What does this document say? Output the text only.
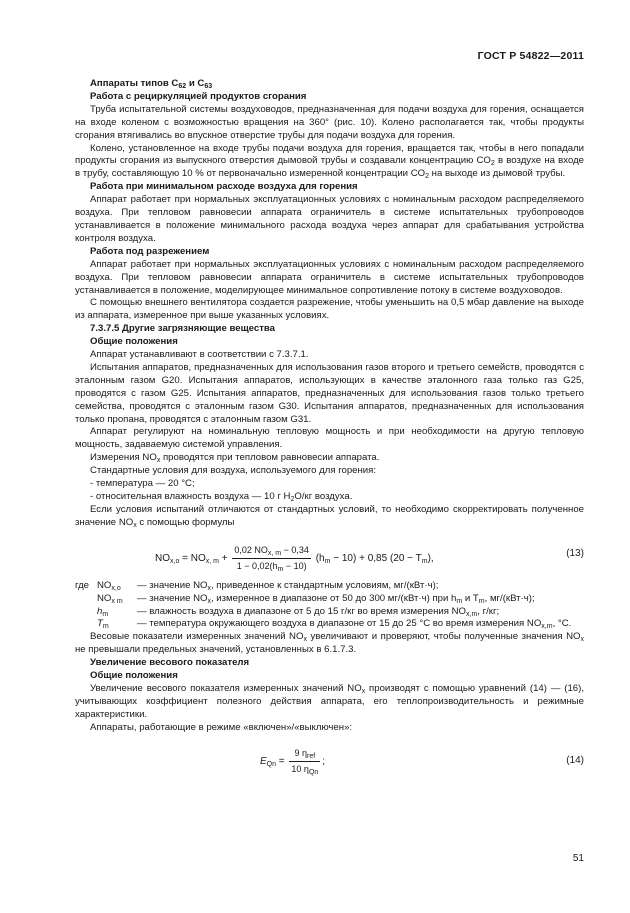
ГОСТ Р 54822—2011

Аппараты типов $C_{62}$ и $C_{63}$

Работа с рециркуляцией продуктов сгорания

Труба испытательной системы воздуховодов, предназначенная для подачи воздуха для горения, оснащается на входе коленом с возможностью вращения на 360° (рис. 10). Колено располагается так, чтобы продукты сгорания втягивались во впускное отверстие трубы для подачи воздуха для горения.

Колено, установленное на входе трубы подачи воздуха для горения, вращается так, чтобы в него попадали продукты сгорания из выпускного отверстия дымовой трубы и создавали концентрацию $CO_2$ в воздухе на входе в трубу, составляющую 10 % от первоначально измеренной концентрации $CO_2$ на выходе из дымовой трубы.

Работа при минимальном расходе воздуха для горения

Аппарат работает при нормальных эксплуатационных условиях с номинальным расходом распределяемого воздуха. При тепловом равновесии аппарата ограничитель в системе испытательных трубопроводов устанавливается в положение минимального расхода воздуха через аппарат для срабатывания устройства контроля воздуха.

Работа под разрежением

Аппарат работает при нормальных эксплуатационных условиях с номинальным расходом распределяемого воздуха. При тепловом равновесии аппарата ограничитель в системе испытательных трубопроводов устанавливается в положение, моделирующее минимальное сопротивление потоку в системе воздуховодов.

С помощью внешнего вентилятора создается разрежение, чтобы уменьшить на 0,5 мбар давление на выходе из аппарата, измеренное при выше указанных условиях.

7.3.7.5 Другие загрязняющие вещества

Общие положения

Аппарат устанавливают в соответствии с 7.3.7.1.

Испытания аппаратов, предназначенных для использования газов второго и третьего семейств, проводятся с эталонным газом G20. Испытания аппаратов, использующих в качестве эталонного газа только газ G25, проводятся с газом G25. Испытания аппаратов, предназначенных для использования газов только третьего семейства, проводятся с эталонным газом G30. Испытания аппаратов, предназначенных для использования только пропана, проводятся с эталонным газом G31.

Аппарат регулируют на номинальную тепловую мощность и при необходимости на другую тепловую мощность, задаваемую системой управления.

Измерения $NO_x$ проводятся при тепловом равновесии аппарата.

Стандартные условия для воздуха, используемого для горения:

- температура — 20 °С;

- относительная влажность воздуха — 10 г $H_2O/кг$ воздуха.

Если условия испытаний отличаются от стандартных условий, то необходимо скорректировать полученное значение $NO_x$ с помощью формулы

$NO_{x,o} = NO_{x, m} + \frac{0,02 NO_{x, m} - 0,34}{1 - 0,02(h_m - 10)} (h_m - 10) + 0,85$ $(20 - T_m)$,	(13)
где $NO_{x,o}$	— значение $NO_x$, приведенное к стандартным условиям, мг/(кВт·ч);
$NO_{x m}$	— значение $NO_x$, измеренное в диапазоне от 50 до 300 мг/(кВт·ч) при $h_m$ и $T_m$, мг/(кВт·ч);
$h_m$	— влажность воздуха в диапазоне от 5 до 15 г/кг во время измерения $NO_{x,m}$, г/кг;
$T_m$	— температура окружающего воздуха в диапазоне от 15 до 25 °С во время измерения $NO_{x,m}$, °С.

Весовые показатели измеренных значений $NO_x$ увеличивают и проверяют, чтобы полученные значения $NO_x$ не превышали предельных значений, установленных в 6.1.7.3.

Увеличение весового показателя

Общие положения

Увеличение весового показателя измеренных значений $NO_x$ производят с помощью уравнений (14) — (16), учитывающих коэффициент полезного действия аппарата, его теплопроизводительность и режимные характеристики.

Аппараты, работающие в режиме «включен»/«выключен»:

$E_{Qn} = \frac{9 \eta_{ref}}{10 \eta_{Qn}}$ ;	(14)
51
